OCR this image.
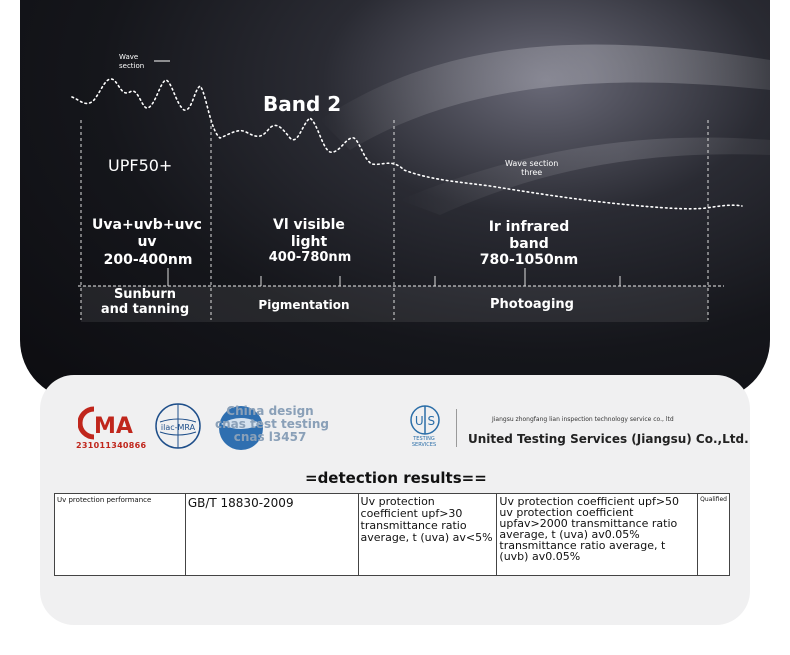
Wave
section
Band 2
UPF50+	Wave section
three
Uva+uvb+uvc
uv
200-400nm
Vl visible
light
400-780nm
Ir infrared
band
780-1050nm
Sunburn
and tanning	Pigmentation	Photoaging
MA
231011340866
ilac-MRA
China design
cnas test testing
cnas l3457
U S
TESTING SERVICES
Jiangsu zhongfang lian inspection technology service co., ltd
United Testing Services (Jiangsu) Co.,Ltd.
=detection results==
Uv protection performance	GB/T 18830-2009	Uv protection coefficient upf>30 transmittance ratio average, t (uva) av<5%	Uv protection coefficient upf>50 uv protection coefficient upfav>2000 transmittance ratio average, t (uva) av0.05% transmittance ratio average, t (uvb) av0.05%	Qualified
